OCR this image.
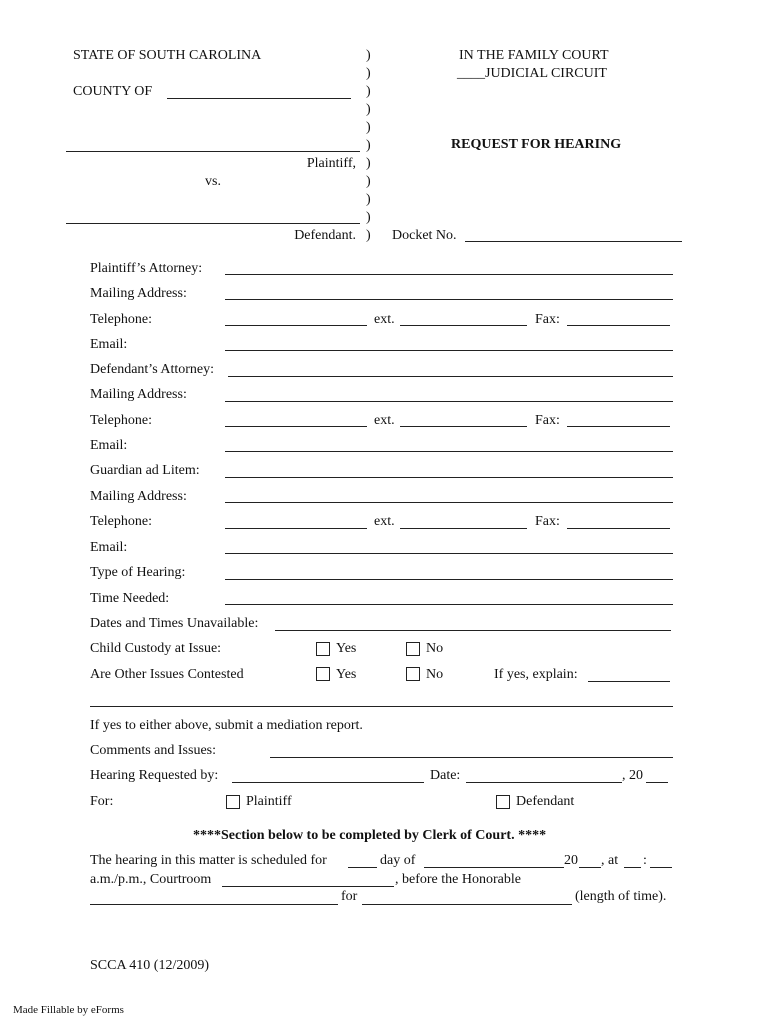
STATE OF SOUTH CAROLINA
COUNTY OF
Plaintiff,
vs.
Defendant.
)
)
)
)
)
)
)
)
)
)
)
IN THE FAMILY COURT
____JUDICIAL CIRCUIT
REQUEST FOR HEARING
Docket No.
Plaintiff’s Attorney:
Mailing Address:
Telephone:	ext.	Fax:
Email:
Defendant’s Attorney:
Mailing Address:
Telephone:	ext.	Fax:
Email:
Guardian ad Litem:
Mailing Address:
Telephone:	ext.	Fax:
Email:
Type of Hearing:
Time Needed:
Dates and Times Unavailable:
Child Custody at Issue:	Yes	No
Are Other Issues Contested	Yes	No	If yes, explain:
If yes to either above, submit a mediation report.
Comments and Issues:
Hearing Requested by:	Date:	, 20
For:	Plaintiff	Defendant
****Section below to be completed by Clerk of Court. ****
The hearing in this matter is scheduled for	day of	20 , at :
a.m./p.m., Courtroom	, before the Honorable
for	(length of time).
SCCA 410 (12/2009)
Made Fillable by eForms
